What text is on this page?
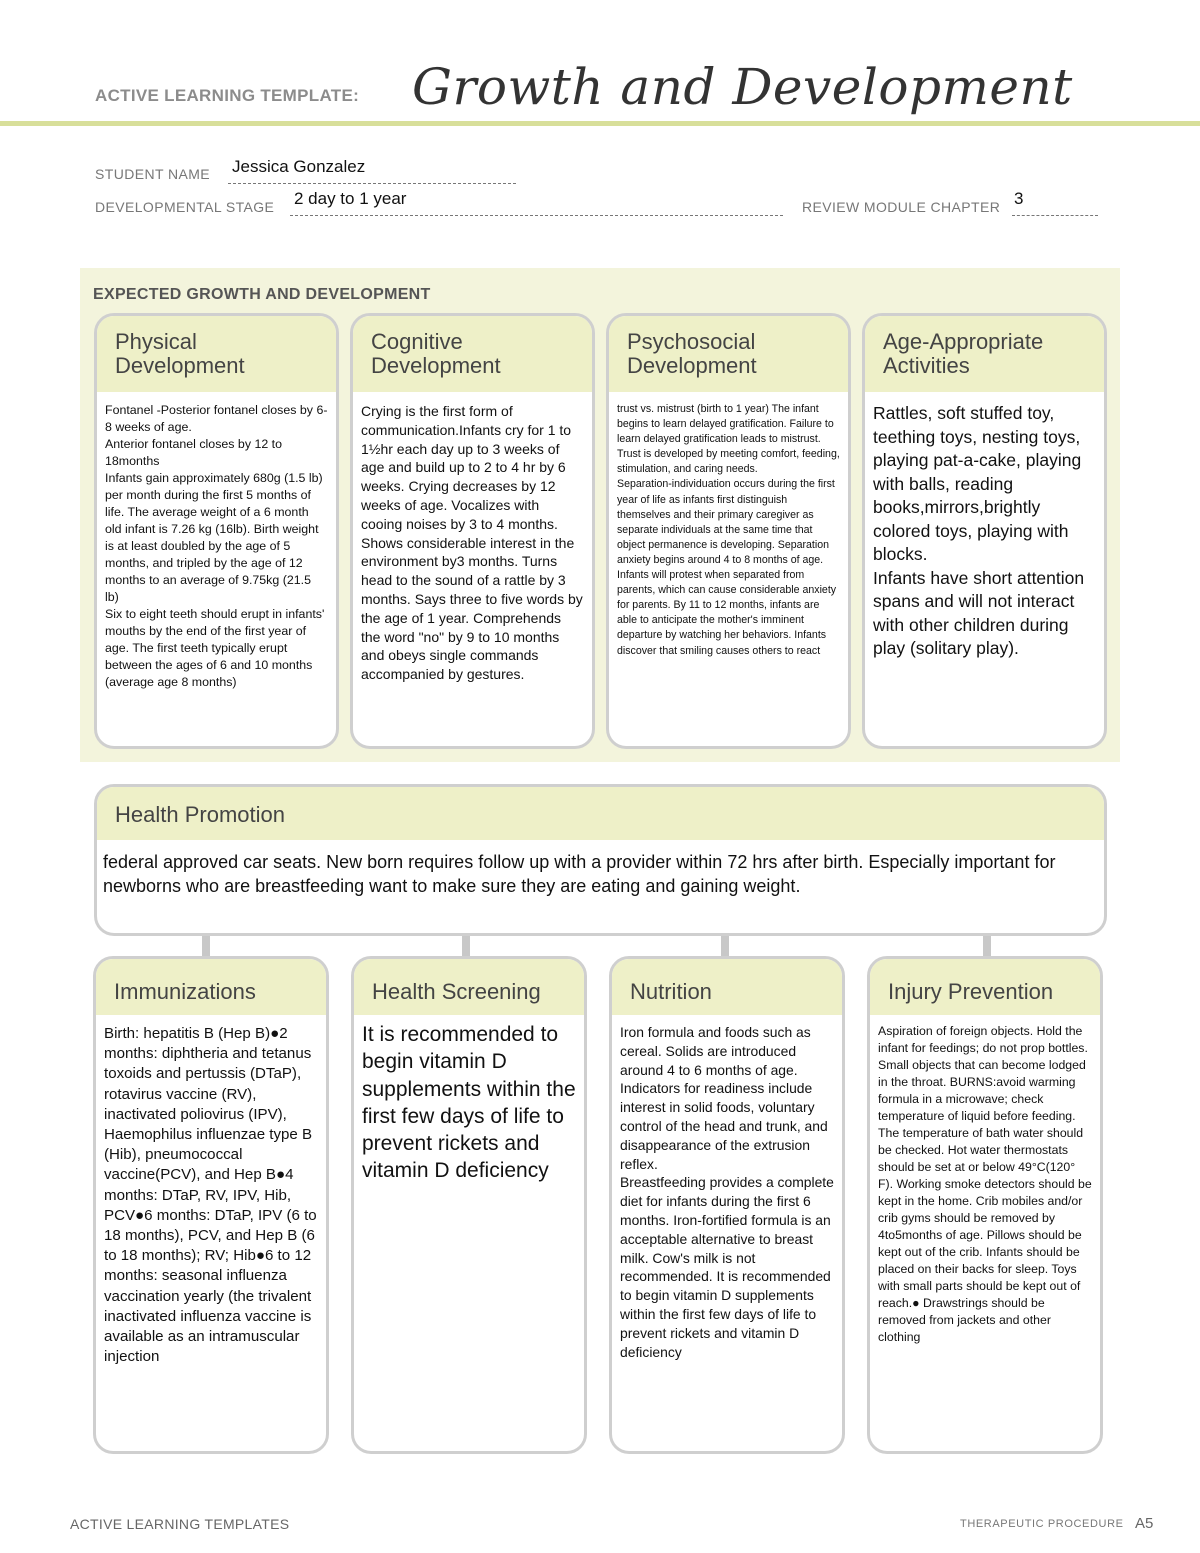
ACTIVE LEARNING TEMPLATE: Growth and Development
STUDENT NAME Jessica Gonzalez
DEVELOPMENTAL STAGE 2 day to 1 year	REVIEW MODULE CHAPTER 3
EXPECTED GROWTH AND DEVELOPMENT
Physical
Development
Fontanel -Posterior fontanel closes by 6-8 weeks of age.
Anterior fontanel closes by 12 to 18months
Infants gain approximately 680g (1.5 lb) per month during the first 5 months of life. The average weight of a 6 month old infant is 7.26 kg (16lb). Birth weight is at least doubled by the age of 5 months, and tripled by the age of 12 months to an average of 9.75kg (21.5 lb)
Six to eight teeth should erupt in infants' mouths by the end of the first year of age. The first teeth typically erupt between the ages of 6 and 10 months (average age 8 months)
Cognitive
Development
Crying is the first form of communication.Infants cry for 1 to 1½hr each day up to 3 weeks of age and build up to 2 to 4 hr by 6 weeks. Crying decreases by 12 weeks of age. Vocalizes with cooing noises by 3 to 4 months. Shows considerable interest in the environment by3 months. Turns head to the sound of a rattle by 3 months. Says three to five words by the age of 1 year. Comprehends the word "no" by 9 to 10 months and obeys single commands accompanied by gestures.
Psychosocial
Development
trust vs. mistrust (birth to 1 year) The infant begins to learn delayed gratification. Failure to learn delayed gratification leads to mistrust. Trust is developed by meeting comfort, feeding, stimulation, and caring needs.
Separation-individuation occurs during the first year of life as infants first distinguish themselves and their primary caregiver as separate individuals at the same time that object permanence is developing. Separation anxiety begins around 4 to 8 months of age. Infants will protest when separated from parents, which can cause considerable anxiety for parents. By 11 to 12 months, infants are able to anticipate the mother's imminent departure by watching her behaviors. Infants discover that smiling causes others to react
Age-Appropriate
Activities
Rattles, soft stuffed toy, teething toys, nesting toys, playing pat-a-cake, playing with balls, reading books,mirrors,brightly colored toys, playing with blocks.
Infants have short attention spans and will not interact with other children during play (solitary play).
Health Promotion
federal approved car seats. New born requires follow up with a provider within 72 hrs after birth. Especially important for newborns who are breastfeeding want to make sure they are eating and gaining weight.
Immunizations
Birth: hepatitis B (Hep B)●2 months: diphtheria and tetanus toxoids and pertussis (DTaP), rotavirus vaccine (RV), inactivated poliovirus (IPV), Haemophilus influenzae type B (Hib), pneumococcal vaccine(PCV), and Hep B●4 months: DTaP, RV, IPV, Hib, PCV●6 months: DTaP, IPV (6 to 18 months), PCV, and Hep B (6 to 18 months); RV; Hib●6 to 12 months: seasonal influenza vaccination yearly (the trivalent inactivated influenza vaccine is available as an intramuscular injection
Health Screening
It is recommended to begin vitamin D supplements within the first few days of life to prevent rickets and vitamin D deficiency
Nutrition
Iron formula and foods such as cereal. Solids are introduced around 4 to 6 months of age. Indicators for readiness include interest in solid foods, voluntary control of the head and trunk, and disappearance of the extrusion reflex.
Breastfeeding provides a complete diet for infants during the first 6 months. Iron-fortified formula is an acceptable alternative to breast milk. Cow's milk is not recommended. It is recommended to begin vitamin D supplements within the first few days of life to prevent rickets and vitamin D deficiency
Injury Prevention
Aspiration of foreign objects. Hold the infant for feedings; do not prop bottles. Small objects that can become lodged in the throat. BURNS:avoid warming formula in a microwave; check temperature of liquid before feeding. The temperature of bath water should be checked. Hot water thermostats should be set at or below 49°C(120° F). Working smoke detectors should be kept in the home. Crib mobiles and/or crib gyms should be removed by 4to5months of age. Pillows should be kept out of the crib. Infants should be placed on their backs for sleep. Toys with small parts should be kept out of reach.● Drawstrings should be removed from jackets and other clothing
ACTIVE LEARNING TEMPLATES	THERAPEUTIC PROCEDURE A5
